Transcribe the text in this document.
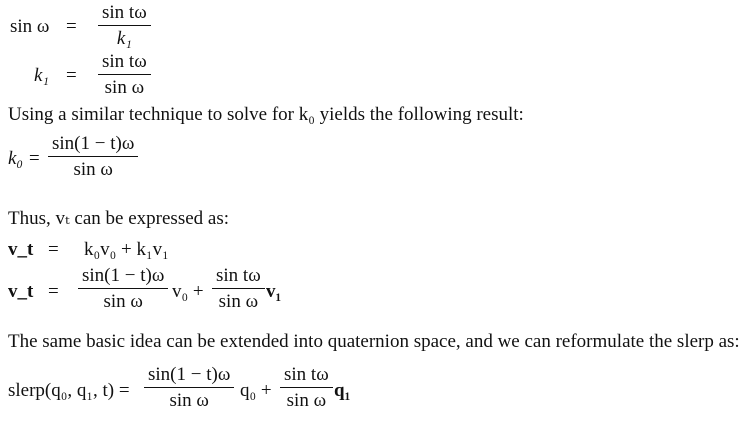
sin ω =
sin tω
k₁
k₁ =
sin tω
sin ω
Using a similar technique to solve for k₀ yields the following result:
k₀ =
sin(1 − t)ω
sin ω
Thus, vₜ can be expressed as:
v_t = k₀v₀ + k₁v₁
v_t =
sin(1 − t)ω
sin ω v₀ +
sin tω
sin ω v₁
The same basic idea can be extended into quaternion space, and we can reformulate the slerp as:
slerp(q₀, q₁, t) =
sin(1 − t)ω
sin ω q₀ +
sin tω
sin ω q₁
